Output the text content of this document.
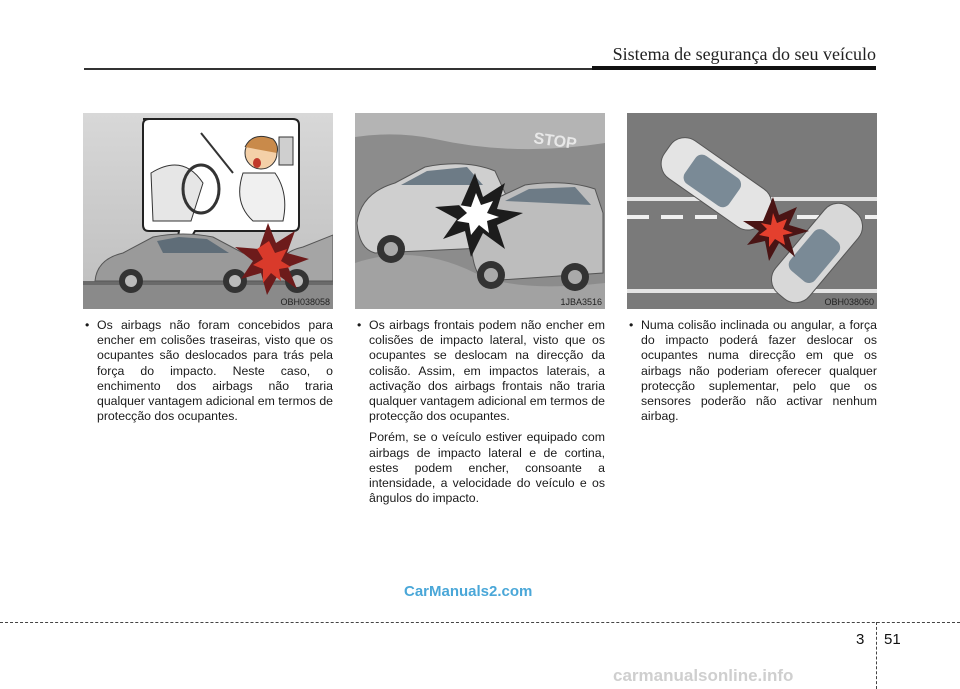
Sistema de segurança do seu veículo
OBH038058
STOP
1JBA3516	OBH038060

• Os airbags não foram concebidos para encher em colisões traseiras, visto que os ocupantes são deslocados para trás pela força do impacto. Neste caso, o enchimento dos airbags não traria qualquer vantagem adicional em termos de protecção dos ocupantes.

• Os airbags frontais podem não encher em colisões de impacto lateral, visto que os ocupantes se deslocam na direcção da colisão. Assim, em impactos laterais, a activação dos airbags frontais não traria qualquer vantagem adicional em termos de protecção dos ocupantes.

Porém, se o veículo estiver equipado com airbags de impacto lateral e de cortina, estes podem encher, consoante a intensidade, a velocidade do veículo e os ângulos do impacto.

• Numa colisão inclinada ou angular, a força do impacto poderá fazer deslocar os ocupantes numa direcção em que os airbags não poderiam oferecer qualquer protecção suplementar, pelo que os sensores poderão não activar nenhum airbag.

CarManuals2.com
3 51
carmanualsonline.info
